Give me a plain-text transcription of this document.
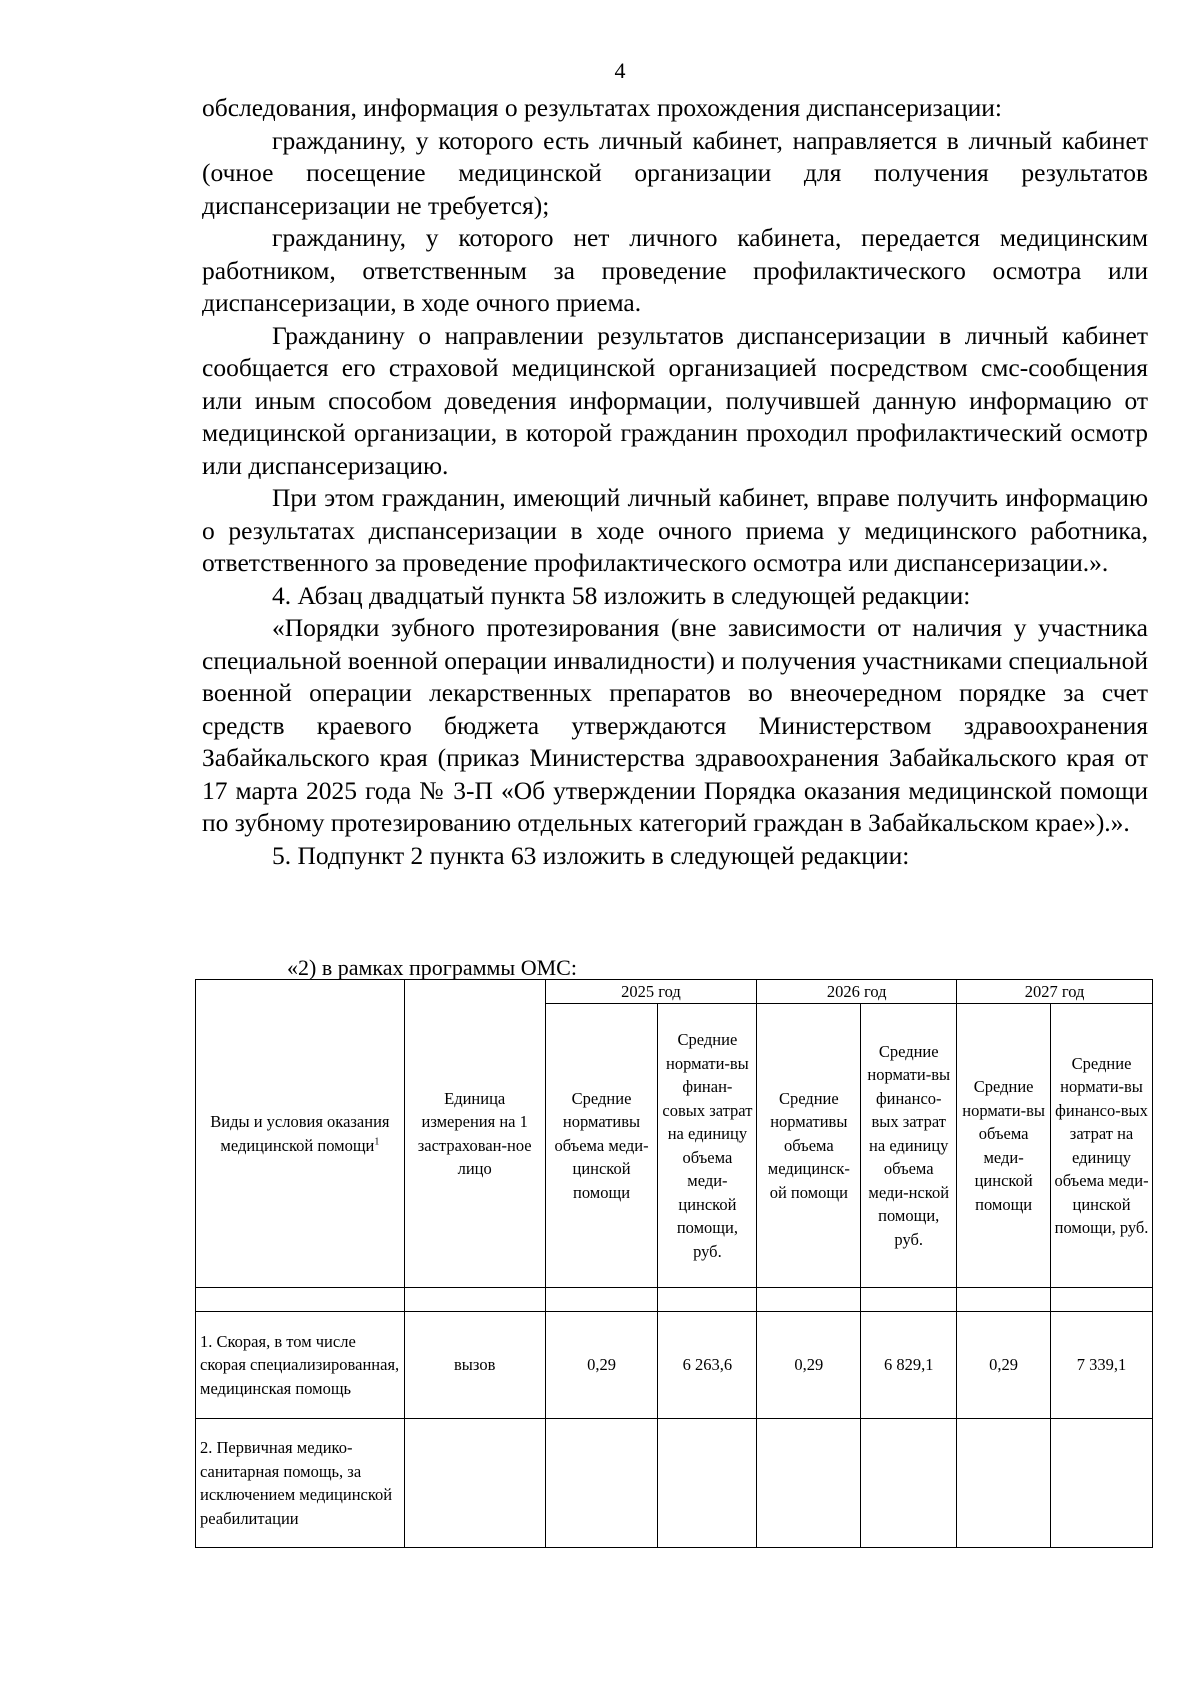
4

обследования, информация о результатах прохождения диспансеризации:

гражданину, у которого есть личный кабинет, направляется в личный кабинет (очное посещение медицинской организации для получения результатов диспансеризации не требуется);

гражданину, у которого нет личного кабинета, передается медицинским работником, ответственным за проведение профилактического осмотра или диспансеризации, в ходе очного приема.

Гражданину о направлении результатов диспансеризации в личный кабинет сообщается его страховой медицинской организацией посредством смс-сообщения или иным способом доведения информации, получившей данную информацию от медицинской организации, в которой гражданин проходил профилактический осмотр или диспансеризацию.

При этом гражданин, имеющий личный кабинет, вправе получить информацию о результатах диспансеризации в ходе очного приема у медицинского работника, ответственного за проведение профилактического осмотра или диспансеризации.».

4. Абзац двадцатый пункта 58 изложить в следующей редакции:

«Порядки зубного протезирования (вне зависимости от наличия у участника специальной военной операции инвалидности) и получения участниками специальной военной операции лекарственных препаратов во внеочередном порядке за счет средств краевого бюджета утверждаются Министерством здравоохранения Забайкальского края (приказ Министерства здравоохранения Забайкальского края от 17 марта 2025 года № 3-П «Об утверждении Порядка оказания медицинской помощи по зубному протезированию отдельных категорий граждан в Забайкальском крае»).».

5. Подпункт 2 пункта 63 изложить в следующей редакции:

«2) в рамках программы ОМС:
Виды и условия оказания медицинской помощи$^1$	Единица измерения на 1 застрахован-ное лицо	2025 год		2026 год		2027 год	
		Средние нормативы объема меди-цинской помощи	Средние нормати-вы финан-совых затрат на единицу объема меди-цинской помощи, руб.	Средние нормативы объема медицинск-ой помощи	Средние нормати-вы финансо-вых затрат на единицу объема меди-нской помощи, руб.	Средние нормати-вы объема меди-цинской помощи	Средние нормати-вы финансо-вых затрат на единицу объема меди-цинской помощи, руб.

1. Скорая, в том числе скорая специализированная, медицинская помощь	вызов	0,29	6 263,6	0,29	6 829,1	0,29	7 339,1
2. Первичная медико-санитарная помощь, за исключением медицинской реабилитации							
